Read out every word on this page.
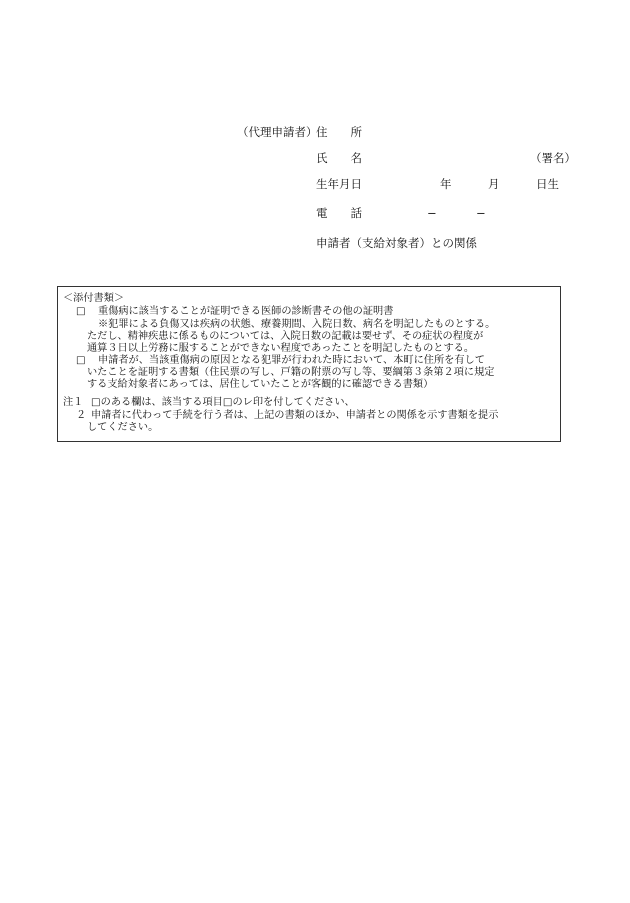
（代理申請者）
住　　所
氏　　名	（署名）
生年月日	年	月	日生
電　　話	−	−
申請者（支給対象者）との関係
＜添付書類＞
□ 重傷病に該当することが証明できる医師の診断書その他の証明書
※犯罪による負傷又は疾病の状態、療養期間、入院日数、病名を明記したものとする。
ただし、精神疾患に係るものについては、入院日数の記載は要せず、その症状の程度が
通算３日以上労務に服することができない程度であったことを明記したものとする。
□ 申請者が、当該重傷病の原因となる犯罪が行われた時において、本町に住所を有して
いたことを証明する書類（住民票の写し、戸籍の附票の写し等、要綱第３条第２項に規定
する支給対象者にあっては、居住していたことが客観的に確認できる書類）
注１ □のある欄は、該当する項目□のレ印を付してください、
２ 申請者に代わって手続を行う者は、上記の書類のほか、申請者との関係を示す書類を提示
してください。
